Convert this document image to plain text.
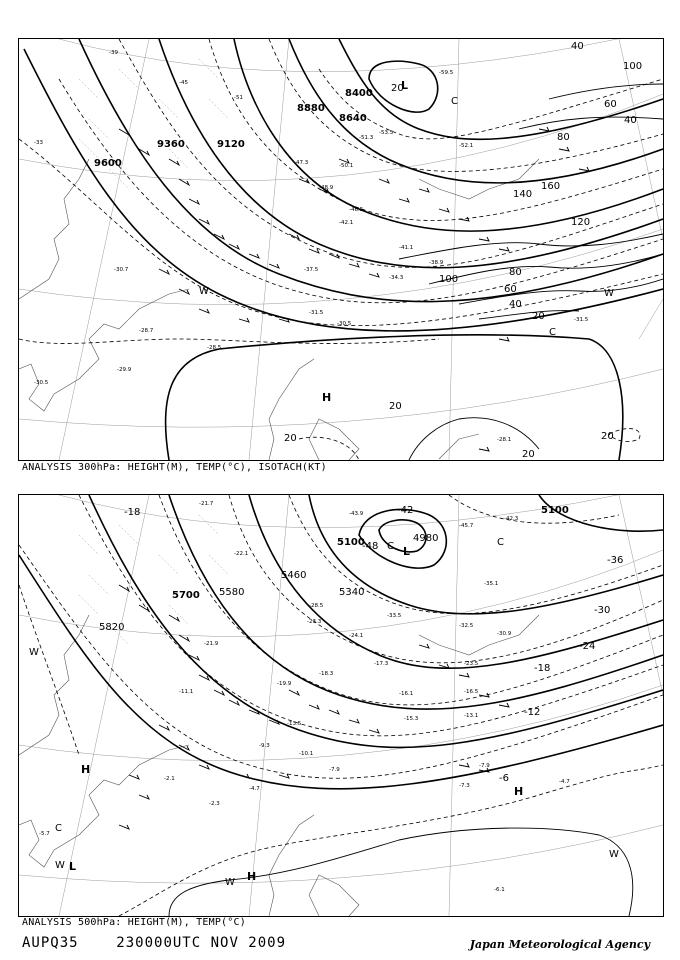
9600
9360	9120
8880
8640
8400
40
60
80
100
120
140
160
20
20
20
20
20
20
40
60
80
100
40
L
H
C
C
W	W
-45
-39
-33
-51
-53.5
-59.5
-48.9
-46.5
-42.1
-41.1
-38.9
-37.5
-34.3
-31.5
-30.5
-30.7
-28.7
-29.9
-30.5
-28.5
-31.5
-28.1
-51.3
-52.1
-50.1
-47.3
ANALYSIS 300hPa: HEIGHT(M), TEMP(°C), ISOTACH(KT)
5820
5700 5580
5460
5340
5100
5100
4980
-18
-36
-30
-24
-18
-12
-6
-48
-42
L
C
W
H
C
L
W
H
W
H
W
C
-21.7
-22.1
-43.9
-45.7
-42.3
-35.1
-32.5
-30.9
-23.5
-16.5
-13.1
-7.9
-7.3
-4.7
-21.9
-19.9
-18.3
-17.3
-16.1
-15.3
-13.5
-11.1
-10.1
-9.3
-7.9
-4.7
-2.3
-2.1
-5.7
-6.1
-24.1
-23.3
-28.5
-33.5
ANALYSIS 500hPa: HEIGHT(M), TEMP(°C)
AUPQ35	230000UTC NOV 2009	Japan Meteorological Agency
